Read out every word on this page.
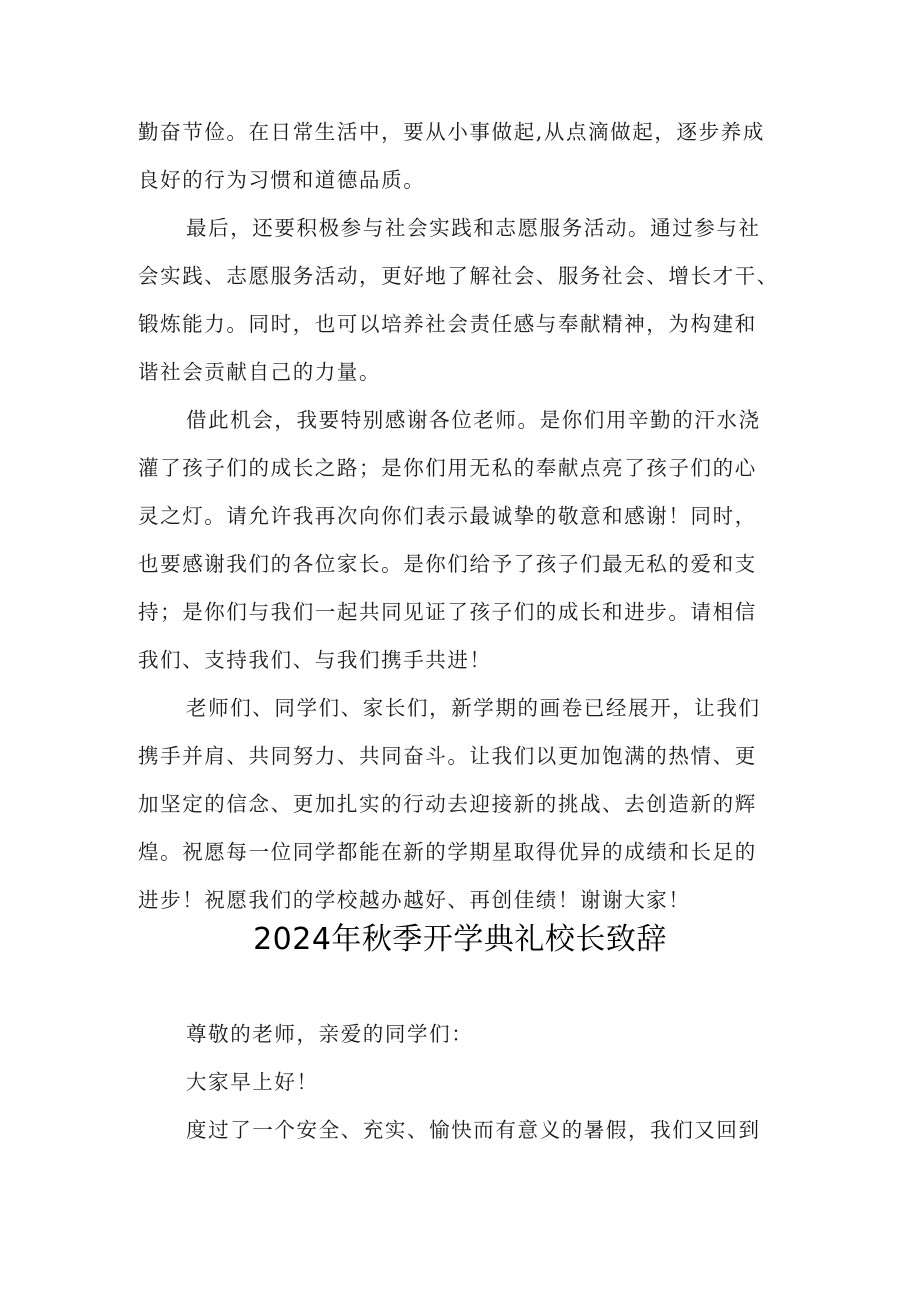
勤奋节俭。在日常生活中，要从小事做起,从点滴做起，逐步养成
良好的行为习惯和道德品质。
最后，还要积极参与社会实践和志愿服务活动。通过参与社
会实践、志愿服务活动，更好地了解社会、服务社会、增长才干、
锻炼能力。同时，也可以培养社会责任感与奉献精神，为构建和
谐社会贡献自己的力量。
借此机会，我要特别感谢各位老师。是你们用辛勤的汗水浇
灌了孩子们的成长之路；是你们用无私的奉献点亮了孩子们的心
灵之灯。请允许我再次向你们表示最诚挚的敬意和感谢！同时，
也要感谢我们的各位家长。是你们给予了孩子们最无私的爱和支
持；是你们与我们一起共同见证了孩子们的成长和进步。请相信
我们、支持我们、与我们携手共进！
老师们、同学们、家长们，新学期的画卷已经展开，让我们
携手并肩、共同努力、共同奋斗。让我们以更加饱满的热情、更
加坚定的信念、更加扎实的行动去迎接新的挑战、去创造新的辉
煌。祝愿每一位同学都能在新的学期星取得优异的成绩和长足的
进步！祝愿我们的学校越办越好、再创佳绩！谢谢大家！
2024年秋季开学典礼校长致辞
尊敬的老师，亲爱的同学们：
大家早上好！
度过了一个安全、充实、愉快而有意义的暑假，我们又回到
